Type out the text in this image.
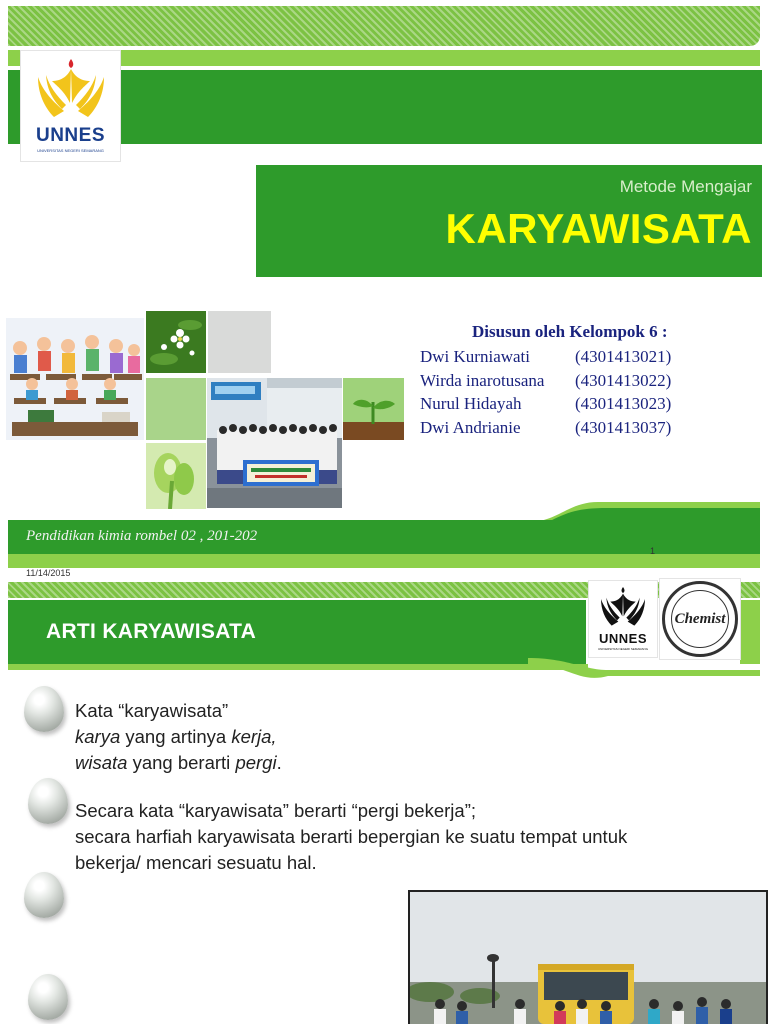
UNNES
UNIVERSITAS NEGERI SEMARANG
Metode Mengajar
KARYAWISATA
Disusun oleh Kelompok 6 :
Dwi Kurniawati	(4301413021)
Wirda inarotusana	(4301413022)
Nurul Hidayah	(4301413023)
Dwi Andrianie	(4301413037)
Pendidikan kimia rombel 02 , 201-202
1
11/14/2015
ARTI KARYAWISATA	UNNES
UNIVERSITAS NEGERI SEMARANG
Chemist
Kata “karyawisata”
karya yang artinya kerja,
wisata yang berarti pergi.
Secara kata “karyawisata” berarti “pergi bekerja”;
secara harfiah karyawisata berarti bepergian ke suatu tempat untuk
bekerja/ mencari sesuatu hal.
